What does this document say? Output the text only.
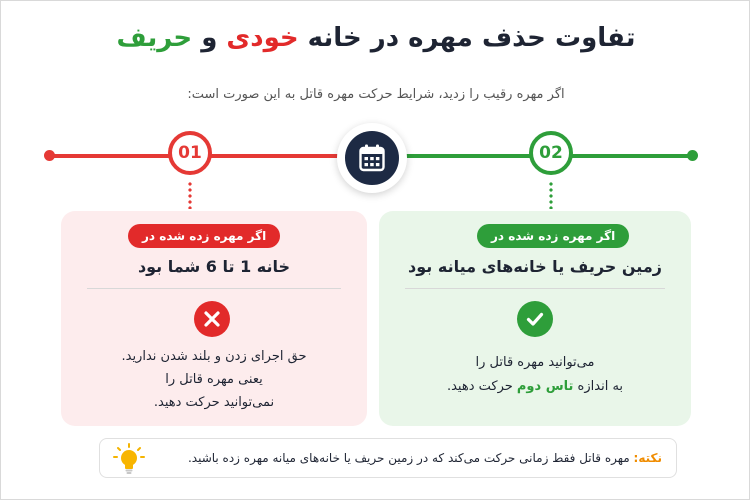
تفاوت حذف مهره در خانه خودی و حریف
اگر مهره رقیب را زدید، شرایط حرکت مهره قاتل به این صورت است:
01	02
اگر مهره زده شده در
خانه 1 تا 6 شما بود
حق اجرای زدن و بلند شدن ندارید.
یعنی مهره قاتل را
نمی‌توانید حرکت دهید.
اگر مهره زده شده در
زمین حریف یا خانه‌های میانه بود
می‌توانید مهره قاتل را
به اندازه تاس دوم حرکت دهید.
نکته: مهره قاتل فقط زمانی حرکت می‌کند که در زمین حریف یا خانه‌های میانه مهره زده باشید.
